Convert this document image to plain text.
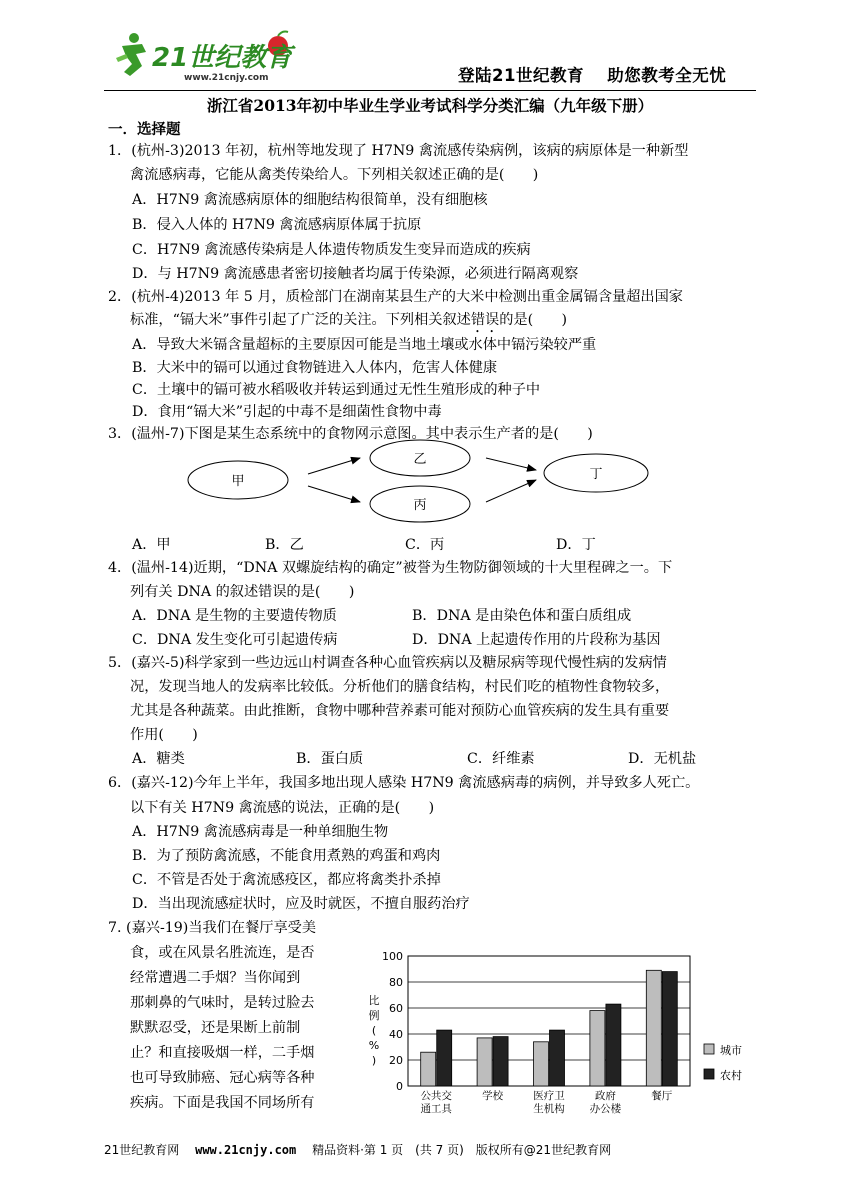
21世纪教育
www.21cnjy.com	登陆21世纪教育　 助您教考全无忧
浙江省2013年初中毕业生学业考试科学分类汇编（九年级下册）
一．选择题
1．(杭州-3)2013 年初，杭州等地发现了 H7N9 禽流感传染病例，该病的病原体是一种新型
禽流感病毒，它能从禽类传染给人。下列相关叙述正确的是(　　)
A．H7N9 禽流感病原体的细胞结构很简单，没有细胞核
B．侵入人体的 H7N9 禽流感病原体属于抗原
C．H7N9 禽流感传染病是人体遗传物质发生变异而造成的疾病
D．与 H7N9 禽流感患者密切接触者均属于传染源，必须进行隔离观察
2．(杭州-4)2013 年 5 月，质检部门在湖南某县生产的大米中检测出重金属镉含量超出国家
标准，“镉大米”事件引起了广泛的关注。下列相关叙述错误的是(　　)
A．导致大米镉含量超标的主要原因可能是当地土壤或水体中镉污染较严重
B．大米中的镉可以通过食物链进入人体内，危害人体健康
C．土壤中的镉可被水稻吸收并转运到通过无性生殖形成的种子中
D．食用“镉大米”引起的中毒不是细菌性食物中毒
3．(温州-7)下图是某生态系统中的食物网示意图。其中表示生产者的是(　　)
甲
乙
丙
丁
A．甲	B．乙	C．丙	D．丁
4．(温州-14)近期，“DNA 双螺旋结构的确定”被誉为生物防御领域的十大里程碑之一。下
列有关 DNA 的叙述错误的是(　　)
A．DNA 是生物的主要遗传物质	B．DNA 是由染色体和蛋白质组成
C．DNA 发生变化可引起遗传病	D．DNA 上起遗传作用的片段称为基因
5．(嘉兴-5)科学家到一些边远山村调查各种心血管疾病以及糖尿病等现代慢性病的发病情
况，发现当地人的发病率比较低。分析他们的膳食结构，村民们吃的植物性食物较多，
尤其是各种蔬菜。由此推断，食物中哪种营养素可能对预防心血管疾病的发生具有重要
作用(　　)
A．糖类	B．蛋白质	C．纤维素	D．无机盐
6．(嘉兴-12)今年上半年，我国多地出现人感染 H7N9 禽流感病毒的病例，并导致多人死亡。
以下有关 H7N9 禽流感的说法，正确的是(　　)
A．H7N9 禽流感病毒是一种单细胞生物
B．为了预防禽流感，不能食用煮熟的鸡蛋和鸡肉
C．不管是否处于禽流感疫区，都应将禽类扑杀掉
D．当出现流感症状时，应及时就医，不擅自服药治疗
7. (嘉兴-19)当我们在餐厅享受美
食，或在风景名胜流连，是否
经常遭遇二手烟？当你闻到
那刺鼻的气味时，是转过脸去
默默忍受，还是果断上前制
止？和直接吸烟一样，二手烟
也可导致肺癌、冠心病等各种
疾病。下面是我国不同场所有
0
20
40
60
80
100
比例( % )
公共交
通工具
学校	医疗卫
生机构
政府
办公楼
餐厅
城市
农村
21世纪教育网　 www.21cnjy.com　 精品资料·第 1 页　(共 7 页)　版权所有@21世纪教育网
